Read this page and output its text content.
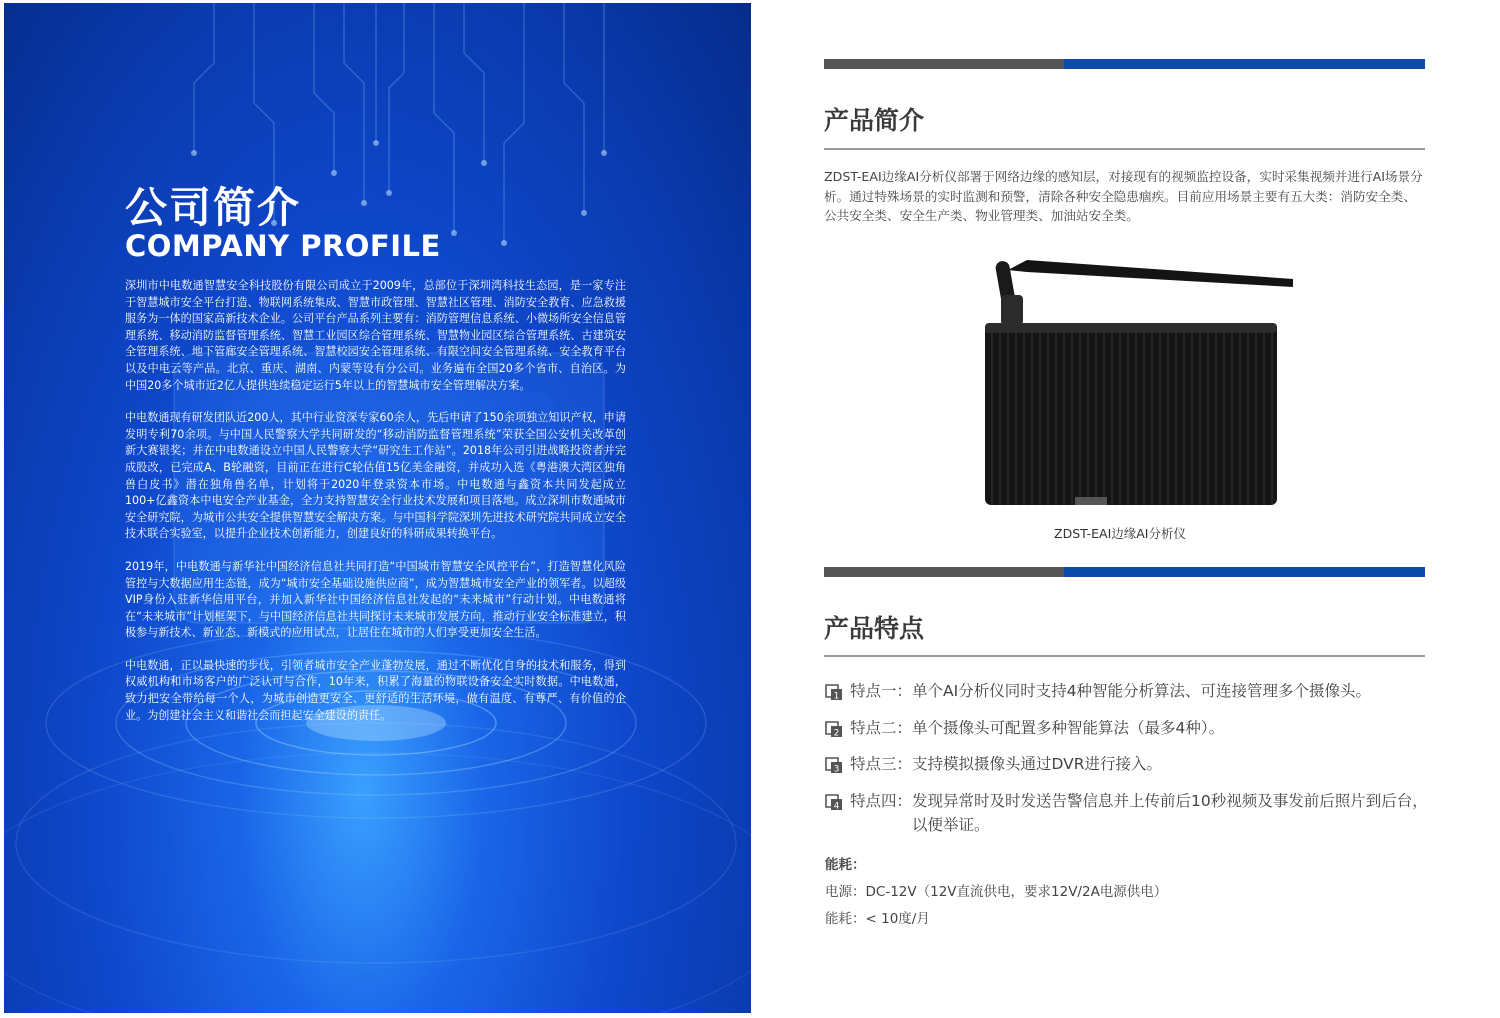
公司简介
COMPANY PROFILE

深圳市中电数通智慧安全科技股份有限公司成立于2009年，总部位于深圳湾科技生态园，是一家专注于智慧城市安全平台打造、物联网系统集成、智慧市政管理、智慧社区管理、消防安全教育、应急救援服务为一体的国家高新技术企业。公司平台产品系列主要有：消防管理信息系统、小微场所安全信息管理系统、移动消防监督管理系统、智慧工业园区综合管理系统、智慧物业园区综合管理系统、古建筑安全管理系统、地下管廊安全管理系统、智慧校园安全管理系统、有限空间安全管理系统、安全教育平台以及中电云等产品。北京、重庆、湖南、内蒙等设有分公司。业务遍布全国20多个省市、自治区。为中国20多个城市近2亿人提供连续稳定运行5年以上的智慧城市安全管理解决方案。

中电数通现有研发团队近200人，其中行业资深专家60余人，先后申请了150余项独立知识产权，申请发明专利70余项。与中国人民警察大学共同研发的“移动消防监督管理系统”荣获全国公安机关改革创新大赛银奖；并在中电数通设立中国人民警察大学“研究生工作站”。2018年公司引进战略投资者并完成股改，已完成A、B轮融资，目前正在进行C轮估值15亿美金融资，并成功入选《粤港澳大湾区独角兽白皮书》潜在独角兽名单，计划将于2020年登录资本市场。中电数通与鑫资本共同发起成立100+亿鑫资本中电安全产业基金，全力支持智慧安全行业技术发展和项目落地。成立深圳市数通城市安全研究院，为城市公共安全提供智慧安全解决方案。与中国科学院深圳先进技术研究院共同成立安全技术联合实验室，以提升企业技术创新能力，创建良好的科研成果转换平台。

2019年，中电数通与新华社中国经济信息社共同打造“中国城市智慧安全风控平台”，打造智慧化风险管控与大数据应用生态链，成为“城市安全基础设施供应商”，成为智慧城市安全产业的领军者。以超级VIP身份入驻新华信用平台，并加入新华社中国经济信息社发起的“未来城市”行动计划。中电数通将在“未来城市”计划框架下，与中国经济信息社共同探讨未来城市发展方向，推动行业安全标准建立，积极参与新技术、新业态、新模式的应用试点，让居住在城市的人们享受更加安全生活。

中电数通，正以最快速的步伐，引领者城市安全产业蓬勃发展，通过不断优化自身的技术和服务，得到权威机构和市场客户的广泛认可与合作，10年来，积累了海量的物联设备安全实时数据。中电数通，致力把安全带给每一个人，为城市创造更安全、更舒适的生活环境，做有温度、有尊严、有价值的企业。为创建社会主义和谐社会而担起安全建设的责任。

产品简介

ZDST-EAI边缘AI分析仪部署于网络边缘的感知层，对接现有的视频监控设备，实时采集视频并进行AI场景分析。通过特殊场景的实时监测和预警，清除各种安全隐患痼疾。目前应用场景主要有五大类：消防安全类、公共安全类、安全生产类、物业管理类、加油站安全类。

ZDST-EAI边缘AI分析仪

产品特点
1 特点一： 单个AI分析仪同时支持4种智能分析算法、可连接管理多个摄像头。
2 特点二： 单个摄像头可配置多种智能算法（最多4种）。
3 特点三： 支持模拟摄像头通过DVR进行接入。
4 特点四： 发现异常时及时发送告警信息并上传前后10秒视频及事发前后照片到后台，以便举证。

能耗：

电源：DC-12V（12V直流供电，要求12V/2A电源供电）

能耗：< 10度/月
